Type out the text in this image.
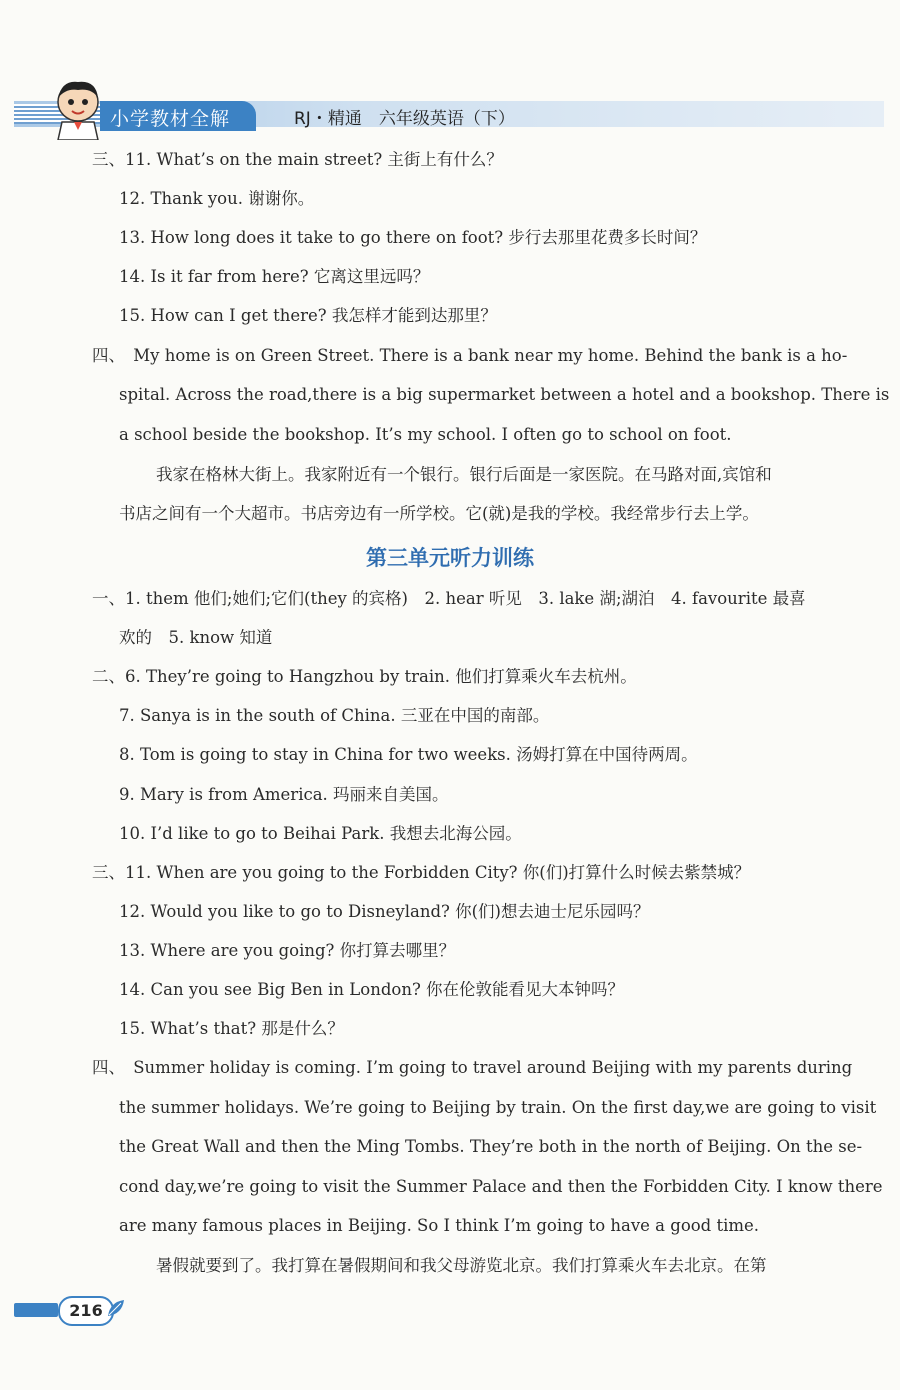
小学教材全解	RJ・精通　六年级英语（下）
三、11. What’s on the main street? 主街上有什么？
12. Thank you. 谢谢你。
13. How long does it take to go there on foot? 步行去那里花费多长时间？
14. Is it far from here? 它离这里远吗？
15. How can I get there? 我怎样才能到达那里？
四、　My home is on Green Street. There is a bank near my home. Behind the bank is a ho-
spital. Across the road,there is a big supermarket between a hotel and a bookshop. There is
a school beside the bookshop. It’s my school. I often go to school on foot.
我家在格林大街上。我家附近有一个银行。银行后面是一家医院。在马路对面,宾馆和
书店之间有一个大超市。书店旁边有一所学校。它(就)是我的学校。我经常步行去上学。
第三单元听力训练
一、1. them 他们;她们;它们(they 的宾格)　2. hear 听见　3. lake 湖;湖泊　4. favourite 最喜
欢的　5. know 知道
二、6. They’re going to Hangzhou by train. 他们打算乘火车去杭州。
7. Sanya is in the south of China. 三亚在中国的南部。
8. Tom is going to stay in China for two weeks. 汤姆打算在中国待两周。
9. Mary is from America. 玛丽来自美国。
10. I’d like to go to Beihai Park. 我想去北海公园。
三、11. When are you going to the Forbidden City? 你(们)打算什么时候去紫禁城？
12. Would you like to go to Disneyland? 你(们)想去迪士尼乐园吗？
13. Where are you going? 你打算去哪里？
14. Can you see Big Ben in London? 你在伦敦能看见大本钟吗？
15. What’s that? 那是什么？
四、　Summer holiday is coming. I’m going to travel around Beijing with my parents during
the summer holidays. We’re going to Beijing by train. On the first day,we are going to visit
the Great Wall and then the Ming Tombs. They’re both in the north of Beijing. On the se-
cond day,we’re going to visit the Summer Palace and then the Forbidden City. I know there
are many famous places in Beijing. So I think I’m going to have a good time.
暑假就要到了。我打算在暑假期间和我父母游览北京。我们打算乘火车去北京。在第
216
